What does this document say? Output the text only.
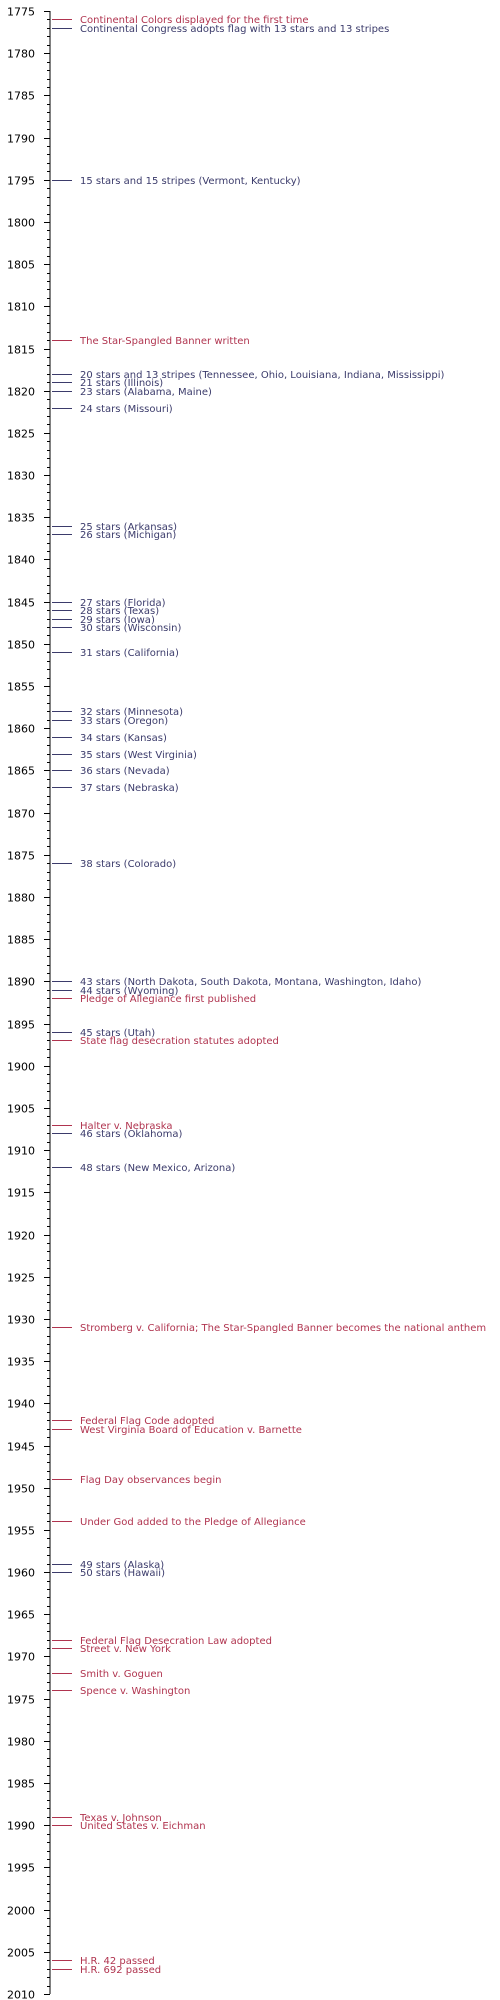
1775
1780
1785
1790
1795
1800
1805
1810
1815
1820
1825
1830
1835
1840
1845
1850
1855
1860
1865
1870
1875
1880
1885
1890
1895
1900
1905
1910
1915
1920
1925
1930
1935
1940
1945
1950
1955
1960
1965
1970
1975
1980
1985
1990
1995
2000
2005
2010
Continental Colors displayed for the first time
Continental Congress adopts flag with 13 stars and 13 stripes
15 stars and 15 stripes (Vermont, Kentucky)
The Star-Spangled Banner written
20 stars and 13 stripes (Tennessee, Ohio, Louisiana, Indiana, Mississippi)
21 stars (Illinois)
23 stars (Alabama, Maine)
24 stars (Missouri)
25 stars (Arkansas)
26 stars (Michigan)
27 stars (Florida)
28 stars (Texas)
29 stars (Iowa)
30 stars (Wisconsin)
31 stars (California)
32 stars (Minnesota)
33 stars (Oregon)
34 stars (Kansas)
35 stars (West Virginia)
36 stars (Nevada)
37 stars (Nebraska)
38 stars (Colorado)
43 stars (North Dakota, South Dakota, Montana, Washington, Idaho)
44 stars (Wyoming)
Pledge of Allegiance first published
45 stars (Utah)
State flag desecration statutes adopted
Halter v. Nebraska
46 stars (Oklahoma)
48 stars (New Mexico, Arizona)
Stromberg v. California; The Star-Spangled Banner becomes the national anthem
Federal Flag Code adopted
West Virginia Board of Education v. Barnette
Flag Day observances begin
Under God added to the Pledge of Allegiance
49 stars (Alaska)
50 stars (Hawaii)
Federal Flag Desecration Law adopted
Street v. New York
Smith v. Goguen
Spence v. Washington
Texas v. Johnson
United States v. Eichman
H.R. 42 passed
H.R. 692 passed
